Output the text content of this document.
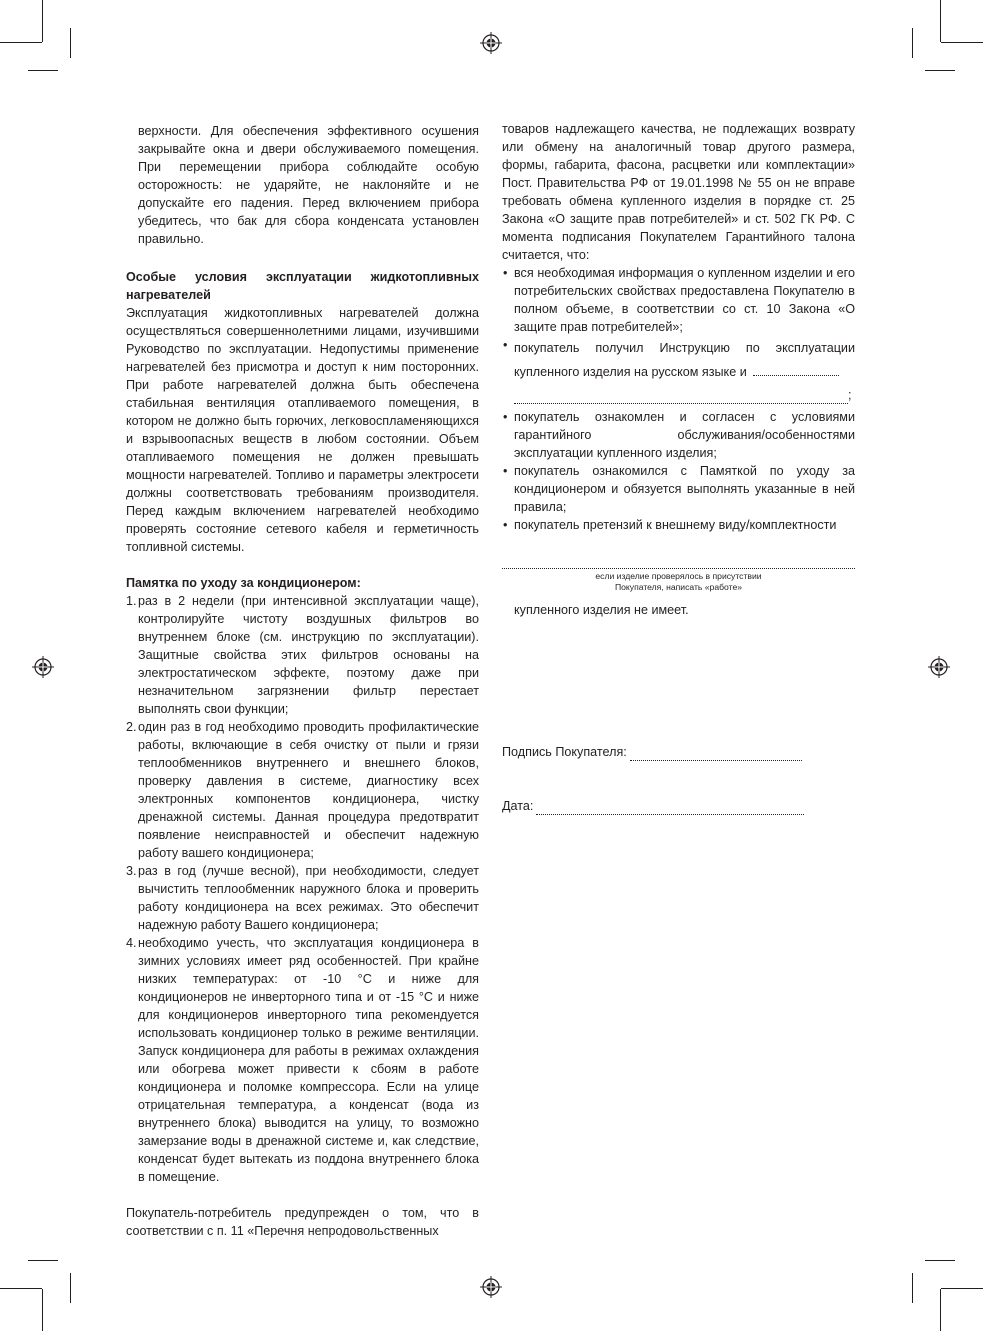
верхности. Для обеспечения эффективного осушения закрывайте окна и двери обслуживаемого помещения. При перемещении прибора соблюдайте особую осторожность: не ударяйте, не наклоняйте и не допускайте его падения. Перед включением прибора убедитесь, что бак для сбора конденсата установлен правильно.

Особые условия эксплуатации жидкотопливных нагревателей

Эксплуатация жидкотопливных нагревателей должна осуществляться совершеннолетними лицами, изучившими Руководство по эксплуатации. Недопустимы применение нагревателей без присмотра и доступ к ним посторонних. При работе нагревателей должна быть обеспечена стабильная вентиляция отапливаемого помещения, в котором не должно быть горючих, легковоспламеняющихся и взрывоопасных веществ в любом состоянии. Объем отапливаемого помещения не должен превышать мощности нагревателей. Топливо и параметры электросети должны соответствовать требованиям производителя. Перед каждым включением нагревателей необходимо проверять состояние сетевого кабеля и герметичность топливной системы.

Памятка по уходу за кондиционером:

1. раз в 2 недели (при интенсивной эксплуатации чаще), контролируйте чистоту воздушных фильтров во внутреннем блоке (см. инструкцию по эксплуатации). Защитные свойства этих фильтров основаны на электростатическом эффекте, поэтому даже при незначительном загрязнении фильтр перестает выполнять свои функции;
2. один раз в год необходимо проводить профилактические работы, включающие в себя очистку от пыли и грязи теплообменников внутреннего и внешнего блоков, проверку давления в системе, диагностику всех электронных компонентов кондиционера, чистку дренажной системы. Данная процедура предотвратит появление неисправностей и обеспечит надежную работу вашего кондиционера;
3. раз в год (лучше весной), при необходимости, следует вычистить теплообменник наружного блока и проверить работу кондиционера на всех режимах. Это обеспечит надежную работу Вашего кондиционера;
4. необходимо учесть, что эксплуатация кондиционера в зимних условиях имеет ряд особенностей. При крайне низких температурах: от -10 °C и ниже для кондиционеров не инверторного типа и от -15 °C и ниже для кондиционеров инверторного типа рекомендуется использовать кондиционер только в режиме вентиляции. Запуск кондиционера для работы в режимах охлаждения или обогрева может привести к сбоям в работе кондиционера и поломке компрессора. Если на улице отрицательная температура, а конденсат (вода из внутреннего блока) выводится на улицу, то возможно замерзание воды в дренажной системе и, как следствие, конденсат будет вытекать из поддона внутреннего блока в помещение.

Покупатель-потребитель предупрежден о том, что в соответствии с п. 11 «Перечня непродовольственных

товаров надлежащего качества, не подлежащих возврату или обмену на аналогичный товар другого размера, формы, габарита, фасона, расцветки или комплектации» Пост. Правительства РФ от 19.01.1998 № 55 он не вправе требовать обмена купленного изделия в порядке ст. 25 Закона «О защите прав потребителей» и ст. 502 ГК РФ. С момента подписания Покупателем Гарантийного талона считается, что:

• вся необходимая информация о купленном изделии и его потребительских свойствах предоставлена Покупателю в полном объеме, в соответствии со ст. 10 Закона «О защите прав потребителей»;
• покупатель получил Инструкцию по эксплуатации купленного изделия на русском языке и
;
• покупатель ознакомлен и согласен с условиями гарантийного обслуживания/особенностями эксплуатации купленного изделия;
• покупатель ознакомился с Памяткой по уходу за кондиционером и обязуется выполнять указанные в ней правила;
• покупатель претензий к внешнему виду/комплектности
если изделие проверялось в присутствии
Покупателя, написать «работе»

купленного изделия не имеет.

Подпись Покупателя:
Дата:
